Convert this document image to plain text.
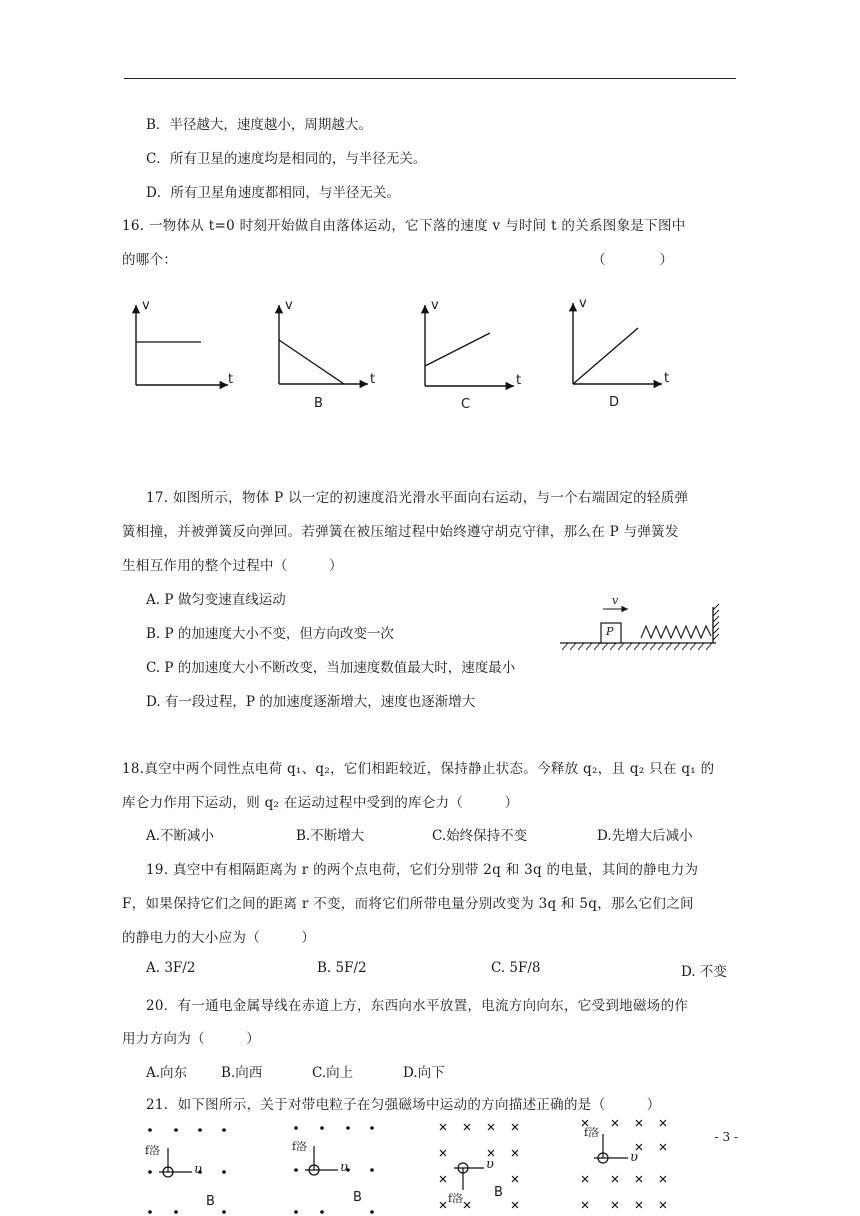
B．半径越大，速度越小，周期越大。
C．所有卫星的速度均是相同的，与半径无关。
D．所有卫星角速度都相同，与半径无关。
16. 一物体从 t=0 时刻开始做自由落体运动，它下落的速度 v 与时间 t 的关系图象是下图中
的哪个：	（　　　　）
v
t
v
t
B
v
t
C
v
t
D
17. 如图所示，物体 P 以一定的初速度沿光滑水平面向右运动，与一个右端固定的轻质弹
簧相撞，并被弹簧反向弹回。若弹簧在被压缩过程中始终遵守胡克守律，那么在 P 与弹簧发
生相互作用的整个过程中（　　　）
A. P 做匀变速直线运动
B. P 的加速度大小不变，但方向改变一次
C. P 的加速度大小不断改变，当加速度数值最大时，速度最小
D. 有一段过程，P 的加速度逐渐增大，速度也逐渐增大
P
v
18.真空中两个同性点电荷 q₁、q₂，它们相距较近，保持静止状态。今释放 q₂，且 q₂ 只在 q₁ 的
库仑力作用下运动，则 q₂ 在运动过程中受到的库仑力（　　　）
A.不断减小	B.不断增大	C.始终保持不变	D.先增大后减小
19. 真空中有相隔距离为 r 的两个点电荷，它们分别带 2q 和 3q 的电量，其间的静电力为
F，如果保持它们之间的距离 r 不变，而将它们所带电量分别改变为 3q 和 5q，那么它们之间
的静电力的大小应为（　　　）
A. 3F/2	B. 5F/2	C. 5F/8	D. 不变
20．有一通电金属导线在赤道上方，东西向水平放置，电流方向向东，它受到地磁场的作
用力方向为（　　　）
A.向东	B.向西	C.向上	D.向下
21．如下图所示，关于对带电粒子在匀强磁场中运动的方向描述正确的是（　　　）
f洛
υ
B
f洛
υ
B	f洛
υ
B
f洛
υ
- 3 -
